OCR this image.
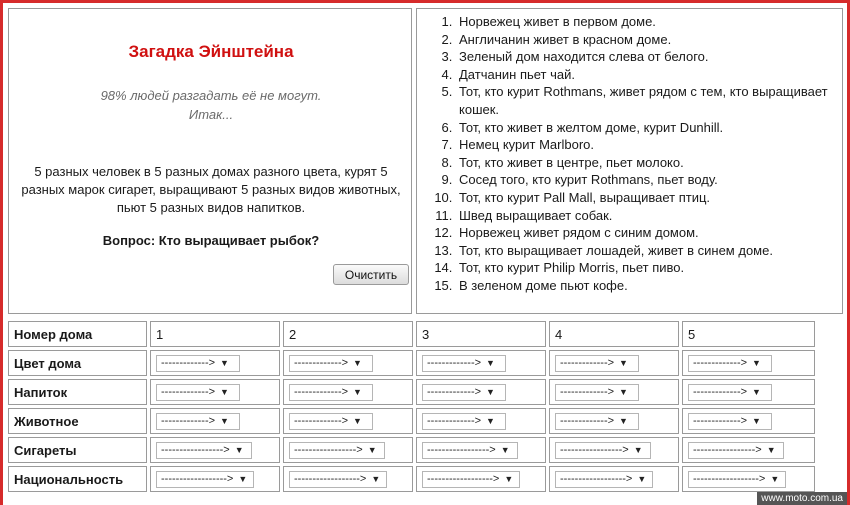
Загадка Эйнштейна
98% людей разгадать её не могут.
Итак...
5 разных человек в 5 разных домах разного цвета, курят 5 разных марок сигарет, выращивают 5 разных видов животных, пьют 5 разных видов напитков.
Вопрос: Кто выращивает рыбок?
Очистить
1. Норвежец живет в первом доме.
2. Англичанин живет в красном доме.
3. Зеленый дом находится слева от белого.
4. Датчанин пьет чай.
5. Тот, кто курит Rothmans, живет рядом с тем, кто выращивает кошек.
6. Тот, кто живет в желтом доме, курит Dunhill.
7. Немец курит Marlboro.
8. Тот, кто живет в центре, пьет молоко.
9. Сосед того, кто курит Rothmans, пьет воду.
10. Тот, кто курит Pall Mall, выращивает птиц.
11. Швед выращивает собак.
12. Норвежец живет рядом с синим домом.
13. Тот, кто выращивает лошадей, живет в синем доме.
14. Тот, кто курит Philip Morris, пьет пиво.
15. В зеленом доме пьют кофе.
Номер дома	1	2	3	4	5
Цвет дома	-------------> ▼	-------------> ▼	-------------> ▼	-------------> ▼	-------------> ▼
Напиток	-------------> ▼	-------------> ▼	-------------> ▼	-------------> ▼	-------------> ▼
Животное	-------------> ▼	-------------> ▼	-------------> ▼	-------------> ▼	-------------> ▼
Сигареты	-----------------> ▼	-----------------> ▼	-----------------> ▼	-----------------> ▼	-----------------> ▼
Национальность	------------------> ▼	------------------> ▼	------------------> ▼	------------------> ▼	------------------> ▼
www.moto.com.ua
